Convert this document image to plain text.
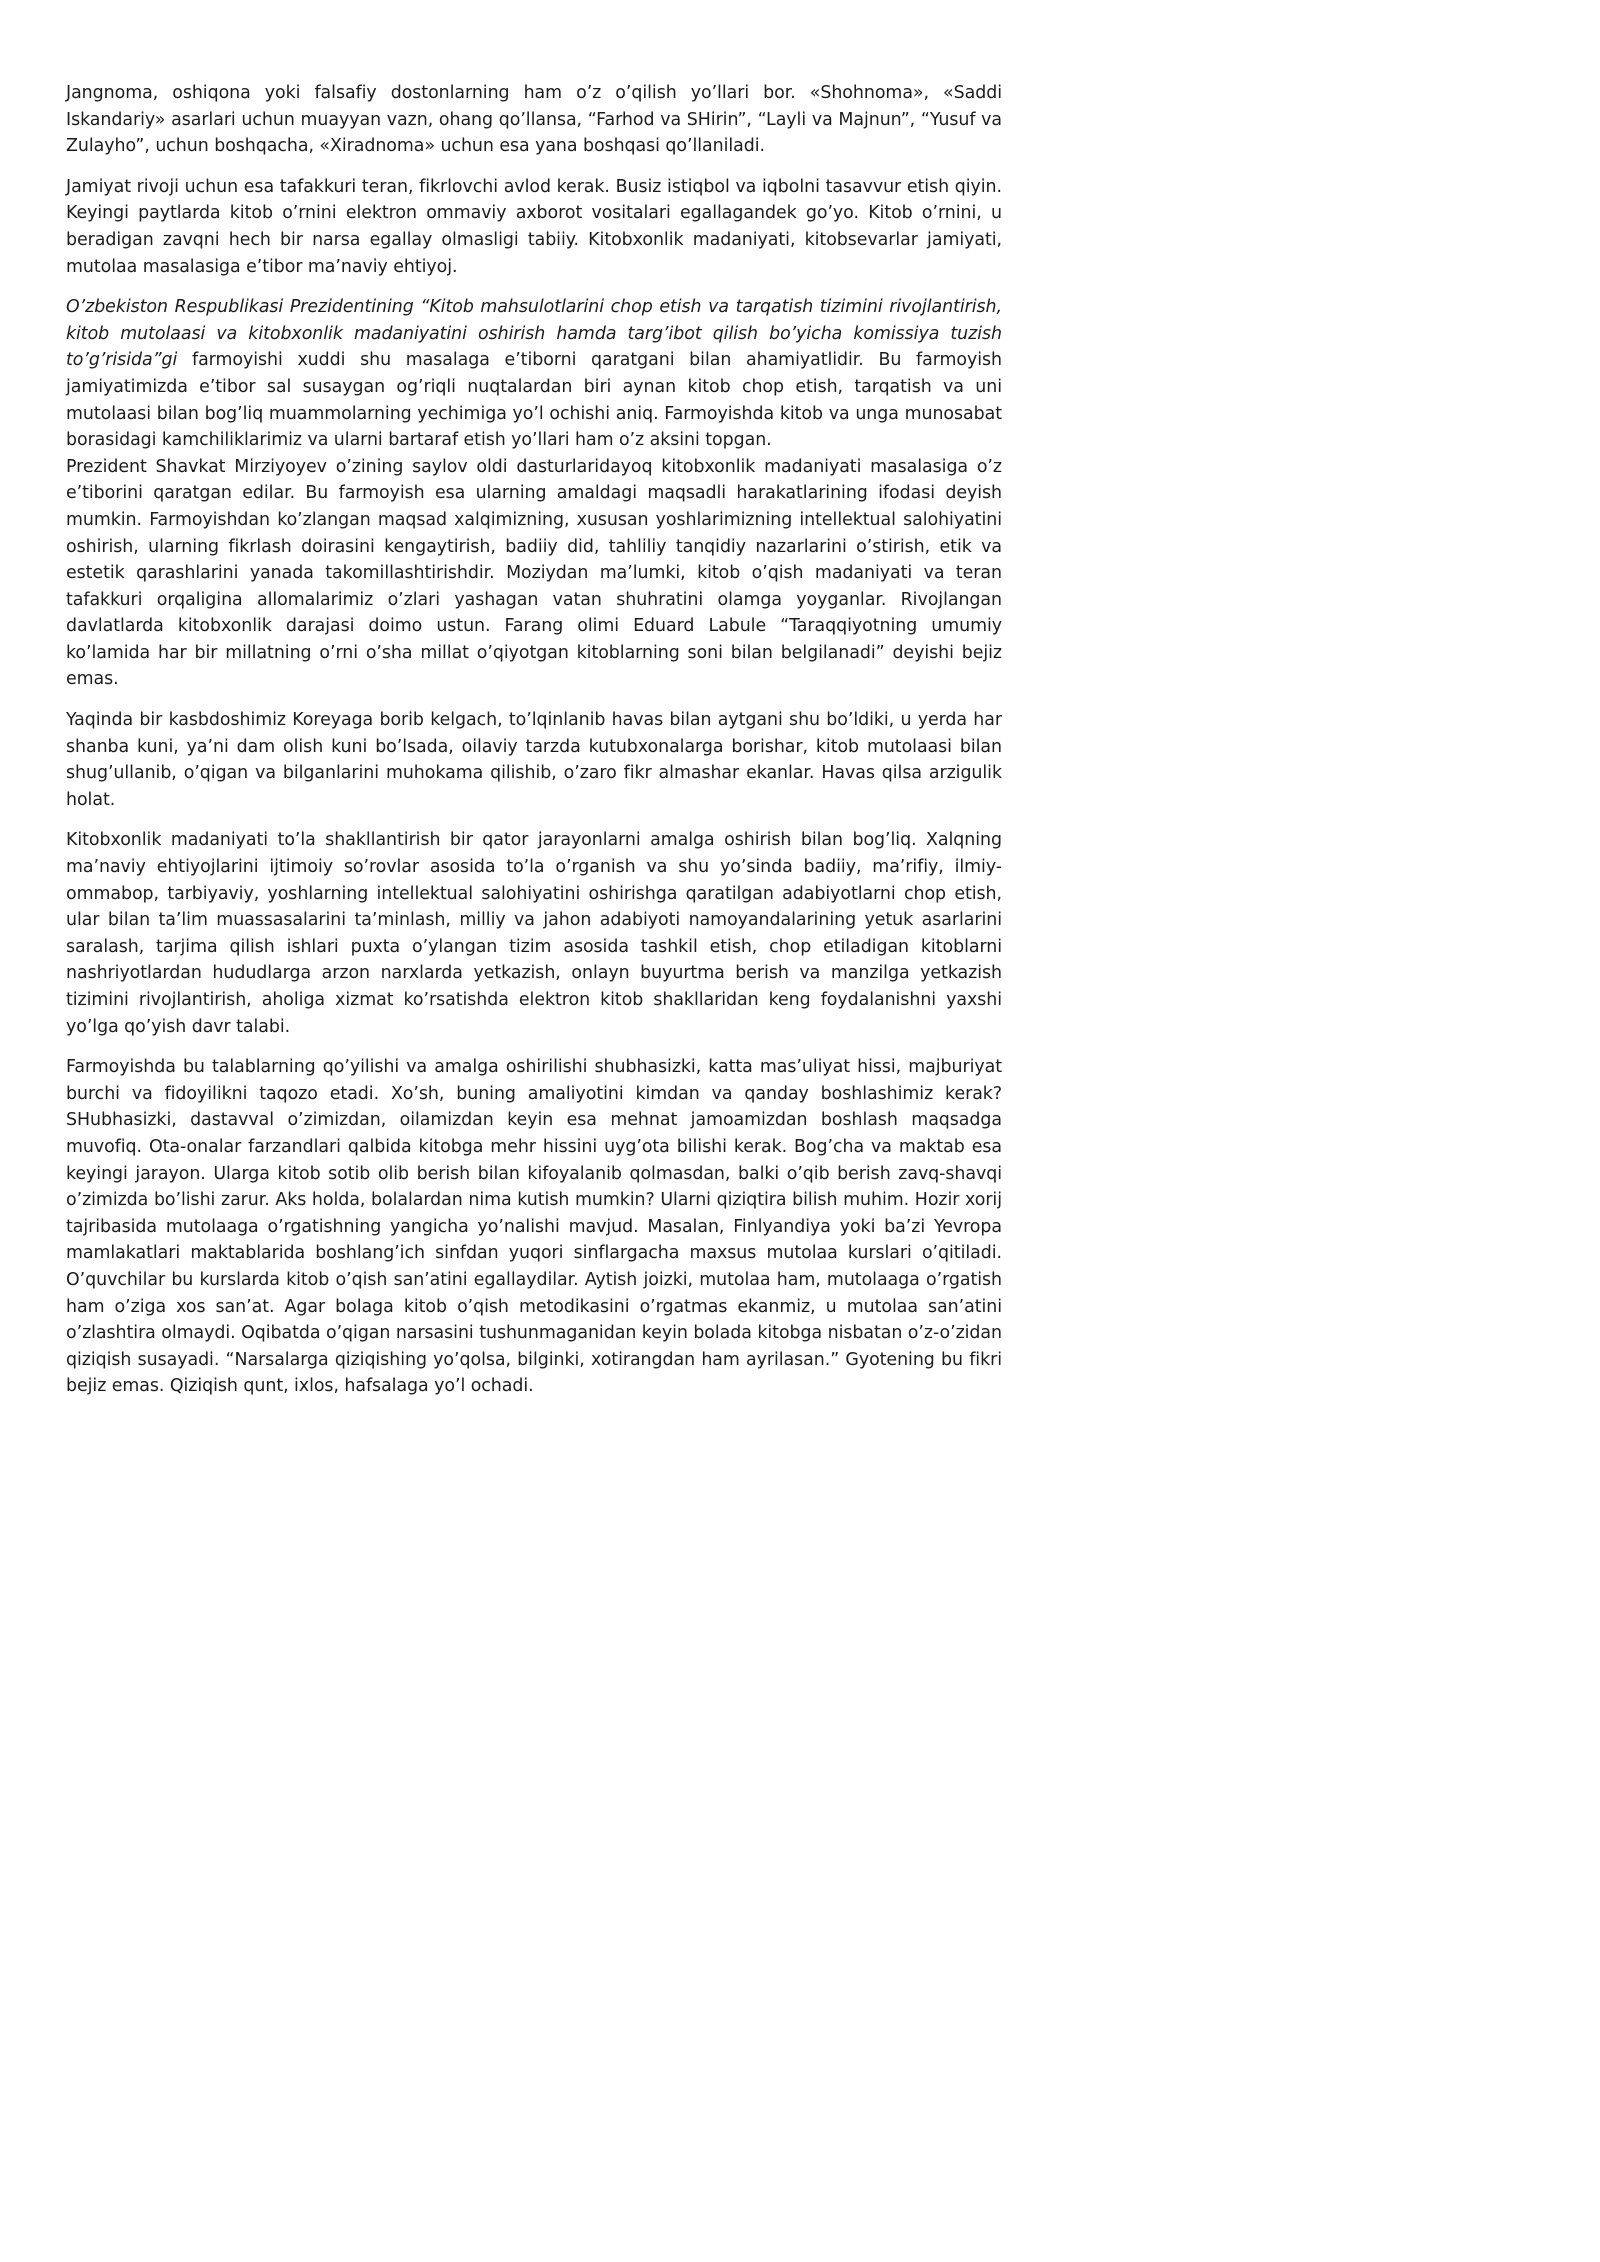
Jangnoma, oshiqona yoki falsafiy dostonlarning ham o’z o’qilish yo’llari bor. «Shohnoma», «Saddi Iskandariy» asarlari uchun muayyan vazn, ohang qo’llansa, “Farhod va SHirin”, “Layli va Majnun”, “Yusuf va Zulayho”, uchun boshqacha, «Xiradnoma» uchun esa yana boshqasi qo’llaniladi.

Jamiyat rivoji uchun esa tafakkuri teran, fikrlovchi avlod kerak. Busiz istiqbol va iqbolni tasavvur etish qiyin. Keyingi paytlarda kitob o’rnini elektron ommaviy axborot vositalari egallagandek go’yo. Kitob o’rnini, u beradigan zavqni hech bir narsa egallay olmasligi tabiiy. Kitobxonlik madaniyati, kitobsevarlar jamiyati, mutolaa masalasiga e’tibor ma’naviy ehtiyoj.

O’zbekiston Respublikasi Prezidentining “Kitob mahsulotlarini chop etish va tarqatish tizimini rivojlantirish, kitob mutolaasi va kitobxonlik madaniyatini oshirish hamda targ’ibot qilish bo’yicha komissiya tuzish to’g’risida”gi farmoyishi xuddi shu masalaga e’tiborni qaratgani bilan ahamiyatlidir. Bu farmoyish jamiyatimizda e’tibor sal susaygan og’riqli nuqtalardan biri aynan kitob chop etish, tarqatish va uni mutolaasi bilan bog’liq muammolarning yechimiga yo’l ochishi aniq. Farmoyishda kitob va unga munosabat borasidagi kamchiliklarimiz va ularni bartaraf etish yo’llari ham o’z aksini topgan.

Prezident Shavkat Mirziyoyev o’zining saylov oldi dasturlaridayoq kitobxonlik madaniyati masalasiga o’z e’tiborini qaratgan edilar. Bu farmoyish esa ularning amaldagi maqsadli harakatlarining ifodasi deyish mumkin. Farmoyishdan ko’zlangan maqsad xalqimizning, xususan yoshlarimizning intellektual salohiyatini oshirish, ularning fikrlash doirasini kengaytirish, badiiy did, tahliliy tanqidiy nazarlarini o’stirish, etik va estetik qarashlarini yanada takomillashtirishdir. Moziydan ma’lumki, kitob o’qish madaniyati va teran tafakkuri orqaligina allomalarimiz o’zlari yashagan vatan shuhratini olamga yoyganlar. Rivojlangan davlatlarda kitobxonlik darajasi doimo ustun. Farang olimi Eduard Labule “Taraqqiyotning umumiy ko’lamida har bir millatning o’rni o’sha millat o’qiyotgan kitoblarning soni bilan belgilanadi” deyishi bejiz emas.

Yaqinda bir kasbdoshimiz Koreyaga borib kelgach, to’lqinlanib havas bilan aytgani shu bo’ldiki, u yerda har shanba kuni, ya’ni dam olish kuni bo’lsada, oilaviy tarzda kutubxonalarga borishar, kitob mutolaasi bilan shug’ullanib, o’qigan va bilganlarini muhokama qilishib, o’zaro fikr almashar ekanlar. Havas qilsa arzigulik holat.

Kitobxonlik madaniyati to’la shakllantirish bir qator jarayonlarni amalga oshirish bilan bog’liq. Xalqning ma’naviy ehtiyojlarini ijtimoiy so’rovlar asosida to’la o’rganish va shu yo’sinda badiiy, ma’rifiy, ilmiy-ommabop, tarbiyaviy, yoshlarning intellektual salohiyatini oshirishga qaratilgan adabiyotlarni chop etish, ular bilan ta’lim muassasalarini ta’minlash, milliy va jahon adabiyoti namoyandalarining yetuk asarlarini saralash, tarjima qilish ishlari puxta o’ylangan tizim asosida tashkil etish, chop etiladigan kitoblarni nashriyotlardan hududlarga arzon narxlarda yetkazish, onlayn buyurtma berish va manzilga yetkazish tizimini rivojlantirish, aholiga xizmat ko’rsatishda elektron kitob shakllaridan keng foydalanishni yaxshi yo’lga qo’yish davr talabi.

Farmoyishda bu talablarning qo’yilishi va amalga oshirilishi shubhasizki, katta mas’uliyat hissi, majburiyat burchi va fidoyilikni taqozo etadi. Xo’sh, buning amaliyotini kimdan va qanday boshlashimiz kerak? SHubhasizki, dastavval o’zimizdan, oilamizdan keyin esa mehnat jamoamizdan boshlash maqsadga muvofiq. Ota-onalar farzandlari qalbida kitobga mehr hissini uyg’ota bilishi kerak. Bog’cha va maktab esa keyingi jarayon. Ularga kitob sotib olib berish bilan kifoyalanib qolmasdan, balki o’qib berish zavq-shavqi o’zimizda bo’lishi zarur. Aks holda, bolalardan nima kutish mumkin? Ularni qiziqtira bilish muhim. Hozir xorij tajribasida mutolaaga o’rgatishning yangicha yo’nalishi mavjud. Masalan, Finlyandiya yoki ba’zi Yevropa mamlakatlari maktablarida boshlang’ich sinfdan yuqori sinflargacha maxsus mutolaa kurslari o’qitiladi. O’quvchilar bu kurslarda kitob o’qish san’atini egallaydilar. Aytish joizki, mutolaa ham, mutolaaga o’rgatish ham o’ziga xos san’at. Agar bolaga kitob o’qish metodikasini o’rgatmas ekanmiz, u mutolaa san’atini o’zlashtira olmaydi. Oqibatda o’qigan narsasini tushunmaganidan keyin bolada kitobga nisbatan o’z-o’zidan qiziqish susayadi. “Narsalarga qiziqishing yo’qolsa, bilginki, xotirangdan ham ayrilasan.” Gyotening bu fikri bejiz emas. Qiziqish qunt, ixlos, hafsalaga yo’l ochadi.
